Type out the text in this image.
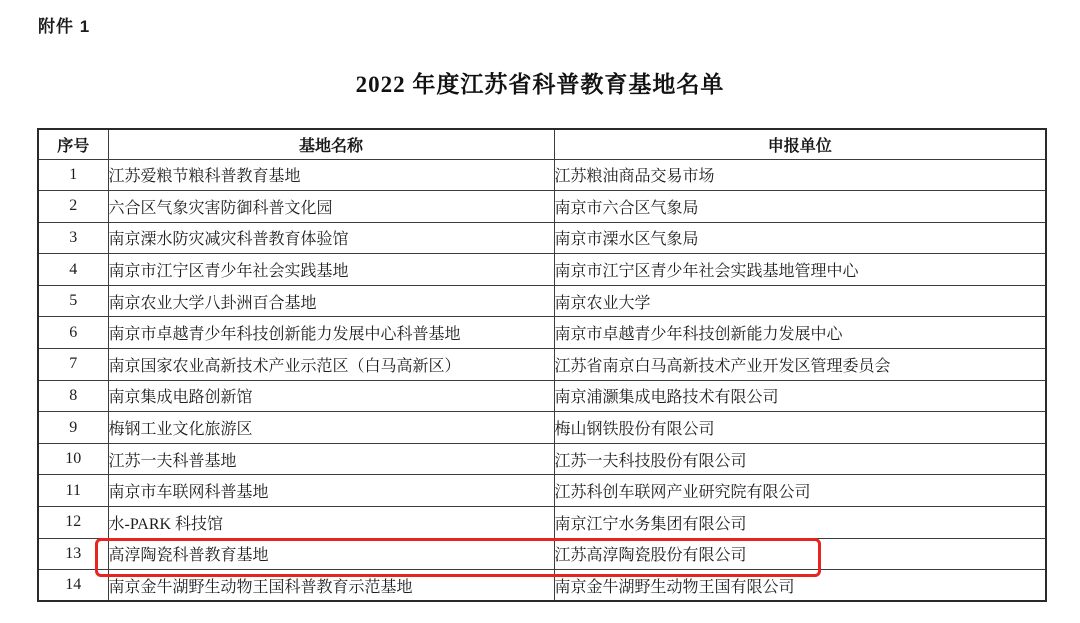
附件 1
2022 年度江苏省科普教育基地名单
序号	基地名称	申报单位
1	江苏爱粮节粮科普教育基地	江苏粮油商品交易市场
2	六合区气象灾害防御科普文化园	南京市六合区气象局
3	南京溧水防灾减灾科普教育体验馆	南京市溧水区气象局
4	南京市江宁区青少年社会实践基地	南京市江宁区青少年社会实践基地管理中心
5	南京农业大学八卦洲百合基地	南京农业大学
6	南京市卓越青少年科技创新能力发展中心科普基地	南京市卓越青少年科技创新能力发展中心
7	南京国家农业高新技术产业示范区（白马高新区）	江苏省南京白马高新技术产业开发区管理委员会
8	南京集成电路创新馆	南京浦灏集成电路技术有限公司
9	梅钢工业文化旅游区	梅山钢铁股份有限公司
10	江苏一夫科普基地	江苏一夫科技股份有限公司
11	南京市车联网科普基地	江苏科创车联网产业研究院有限公司
12	水-PARK 科技馆	南京江宁水务集团有限公司
13	高淳陶瓷科普教育基地	江苏高淳陶瓷股份有限公司
14	南京金牛湖野生动物王国科普教育示范基地	南京金牛湖野生动物王国有限公司
